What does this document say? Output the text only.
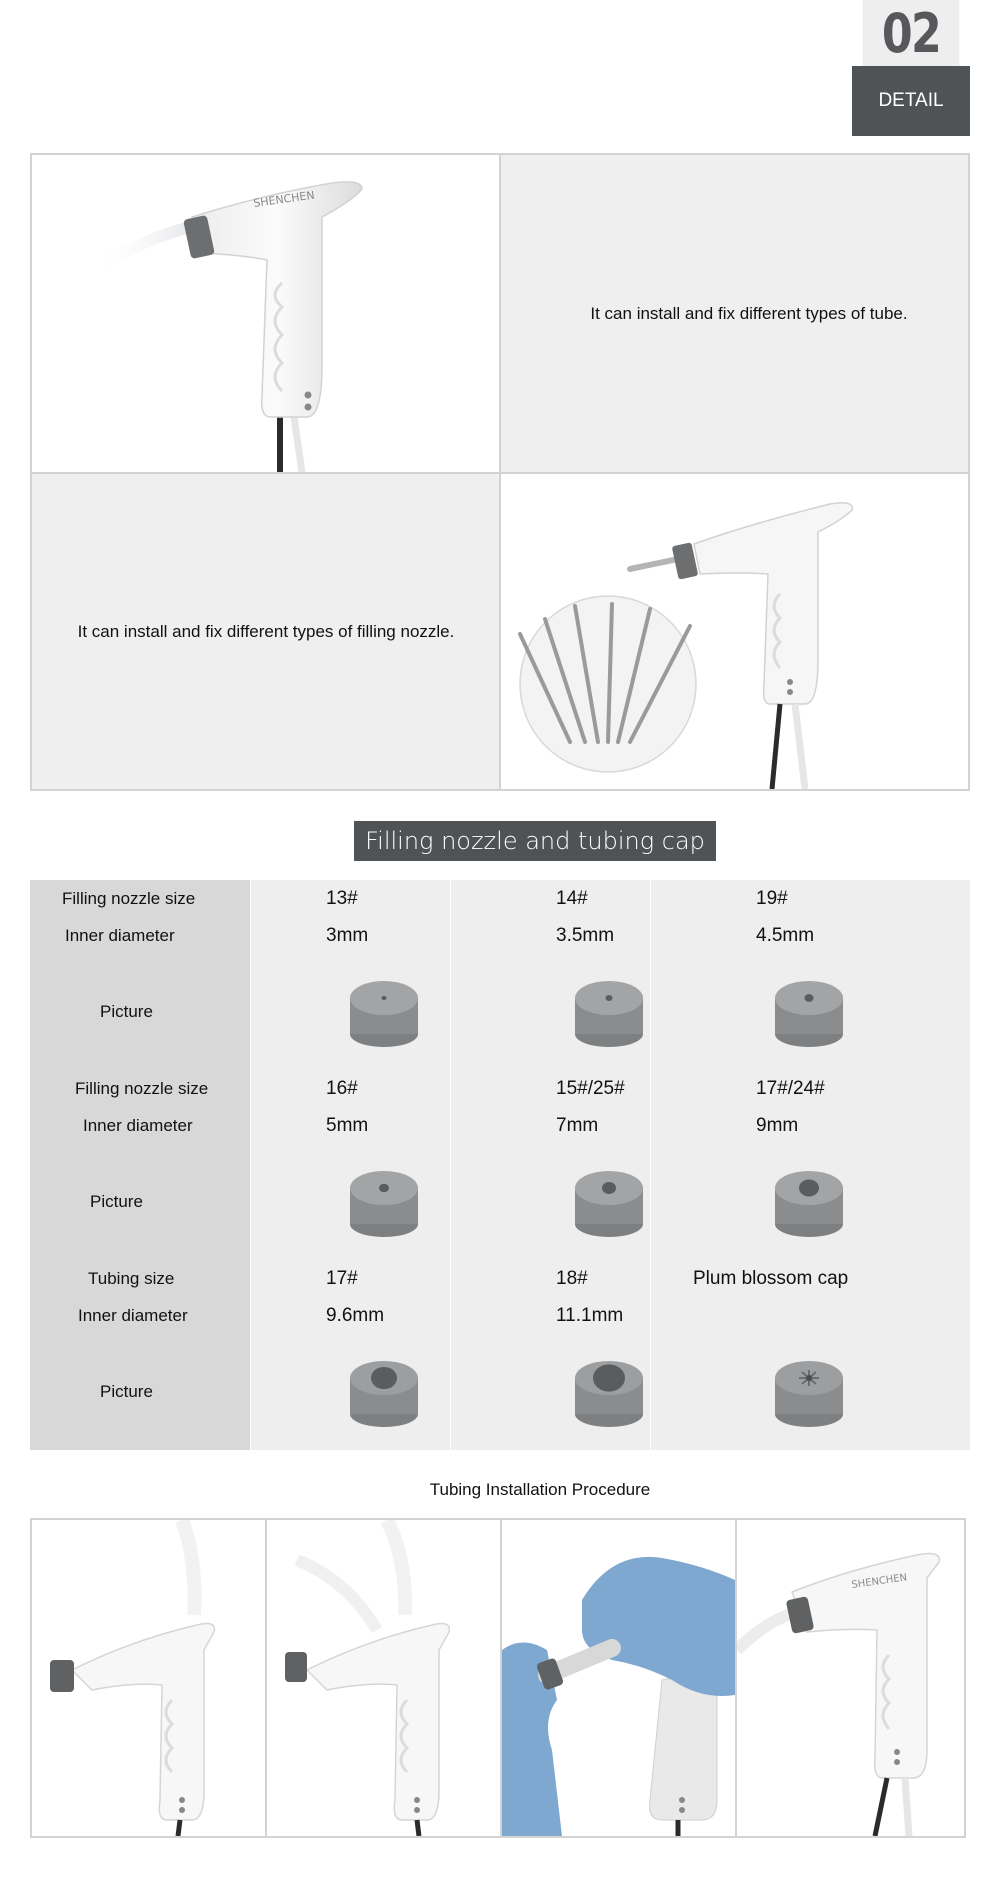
02
DETAIL
SHENCHEN
It can install and fix different types of tube.
It can install and fix different types of filling nozzle.
Filling nozzle and tubing cap
Filling nozzle size	13#	14#	19#
Inner diameter	3mm	3.5mm	4.5mm
Picture
Filling nozzle size	16#	15#/25#	17#/24#
Inner diameter	5mm	7mm	9mm
Picture
Tubing size	17#	18#	Plum blossom cap
Inner diameter	9.6mm	11.1mm
Picture
Tubing Installation Procedure
SHENCHEN
